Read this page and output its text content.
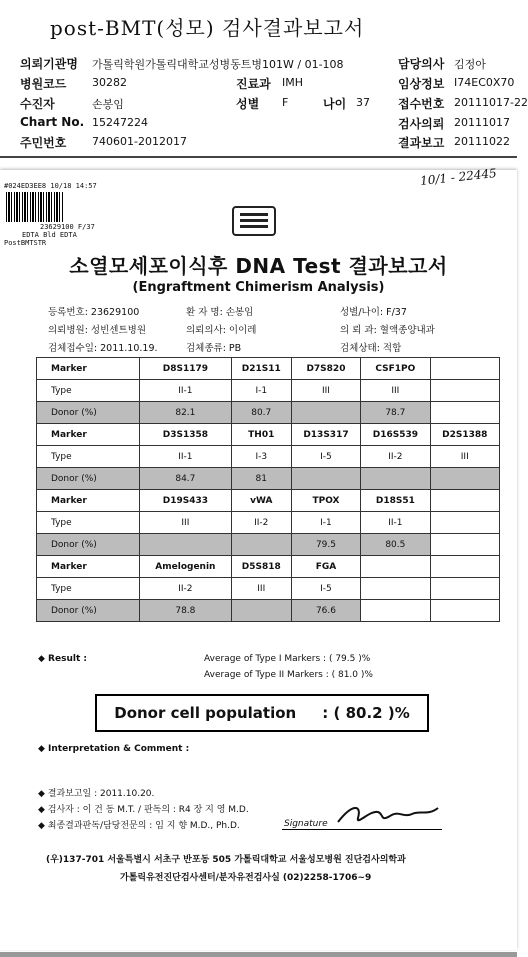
post-BMT(성모) 검사결과보고서
의뢰기관명 가톨릭학원가톨릭대학교성병동트병101W / 01-108	담당의사 김정아
병원코드 30282	진료과 IMH	임상정보 I74EC0X70
수진자	손봉임	성별 F	나이 37 접수번호 20111017-22
Chart No. 15247224	검사의뢰 20111017
주민번호 740601-2012017	결과보고 20111022
#024ED3EE8 10/18 14:57
23629100 F/37
EDTA Bld EDTA
PostBMTSTR
10/1 - 22445
소열모세포이식후 DNA Test 결과보고서
(Engraftment Chimerism Analysis)
등록번호: 23629100	환 자 명: 손봉임	성별/나이: F/37
의뢰병원: 성빈센트병원	의뢰의사: 이이레	의 뢰 과: 혈액종양내과
검체접수일: 2011.10.19.	검체종류: PB	검체상태: 적합
Marker	D8S1179	D21S11	D7S820	CSF1PO	
Type	II-1	I-1	III	III	
Donor (%)	82.1	80.7		78.7	
Marker	D3S1358	TH01	D13S317	D16S539	D2S1388
Type	II-1	I-3	I-5	II-2	III
Donor (%)	84.7	81			
Marker	D19S433	vWA	TPOX	D18S51	
Type	III	II-2	I-1	II-1	
Donor (%)			79.5	80.5	
Marker	Amelogenin	D5S818	FGA		
Type	II-2	III	I-5		
Donor (%)	78.8		76.6		
◆ Result :	Average of Type I Markers : ( 79.5 )%
Average of Type II Markers : ( 81.0 )%
Donor cell population     : ( 80.2 )%
◆ Interpretation & Comment :
◆ 결과보고일 : 2011.10.20.
◆ 검사자 : 이 건 동 M.T. / 판독의 : R4 장 지 영 M.D.
◆ 최종결과판독/담당전문의 : 임 지 향 M.D., Ph.D.	Signature
(우)137-701 서울특별시 서초구 반포동 505 가톨릭대학교 서울성모병원 진단검사의학과
가톨릭유전진단검사센터/분자유전검사실 (02)2258-1706~9
